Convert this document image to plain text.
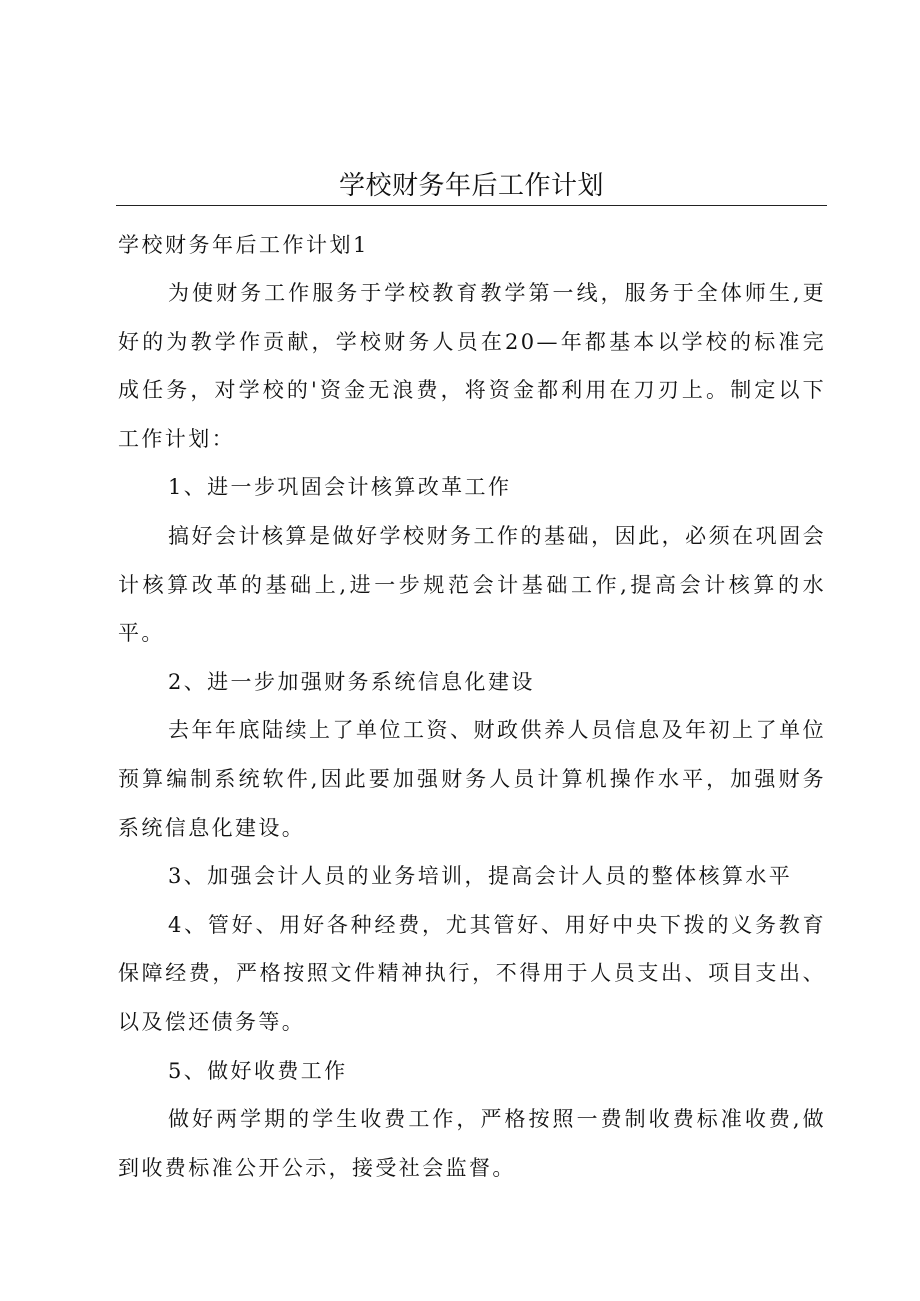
学校财务年后工作计划

学校财务年后工作计划1

为使财务工作服务于学校教育教学第一线，服务于全体师生,更好的为教学作贡献，学校财务人员在20—年都基本以学校的标准完成任务，对学校的'资金无浪费，将资金都利用在刀刃上。制定以下工作计划：

1、进一步巩固会计核算改革工作

搞好会计核算是做好学校财务工作的基础，因此，必须在巩固会计核算改革的基础上,进一步规范会计基础工作,提高会计核算的水平。

2、进一步加强财务系统信息化建设

去年年底陆续上了单位工资、财政供养人员信息及年初上了单位预算编制系统软件,因此要加强财务人员计算机操作水平，加强财务系统信息化建设。

3、加强会计人员的业务培训，提高会计人员的整体核算水平

4、管好、用好各种经费，尤其管好、用好中央下拨的义务教育保障经费，严格按照文件精神执行，不得用于人员支出、项目支出、以及偿还债务等。

5、做好收费工作

做好两学期的学生收费工作，严格按照一费制收费标准收费,做到收费标准公开公示，接受社会监督。
